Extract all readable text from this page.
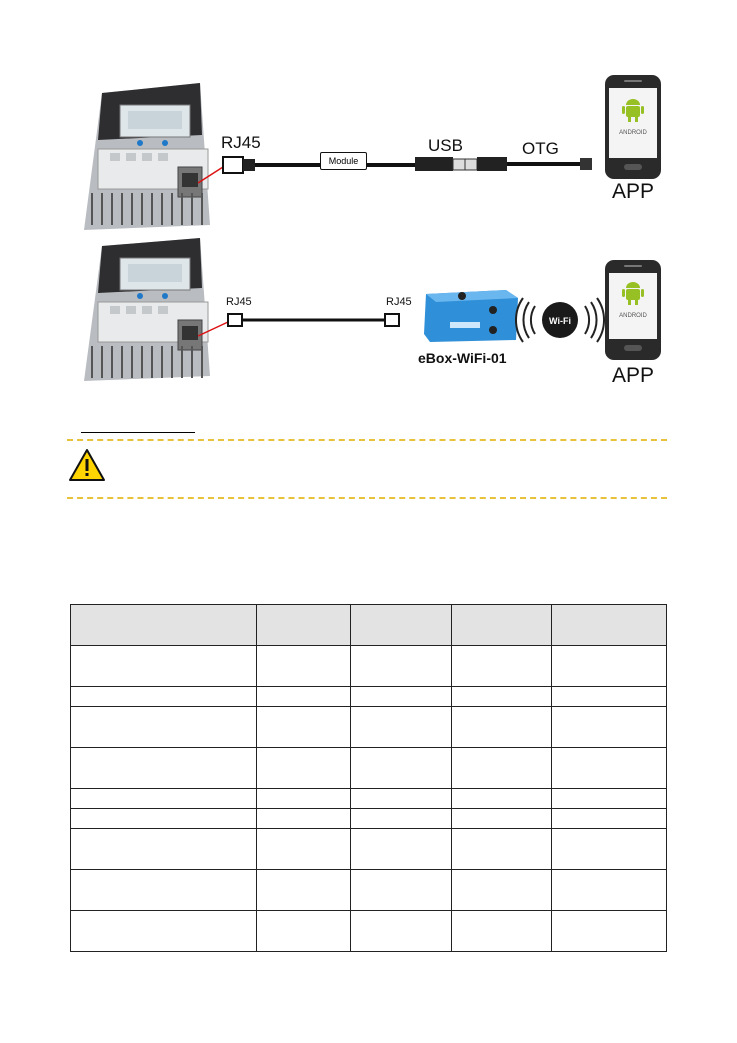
RJ45
Module
USB	OTG
ANDROID
APP
Wi-Fi
RJ45	RJ45
eBox-WiFi-01
ANDROID
APP
